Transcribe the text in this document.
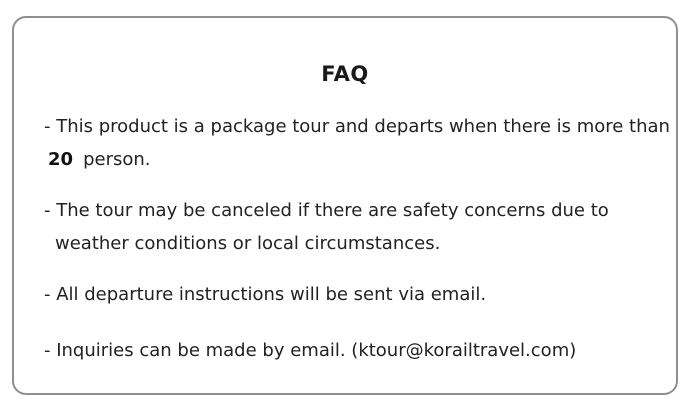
FAQ
- This product is a package tour and departs when there is more than
20 person.
- The tour may be canceled if there are safety concerns due to
weather conditions or local circumstances.
- All departure instructions will be sent via email.
- Inquiries can be made by email. (ktour@korailtravel.com)
